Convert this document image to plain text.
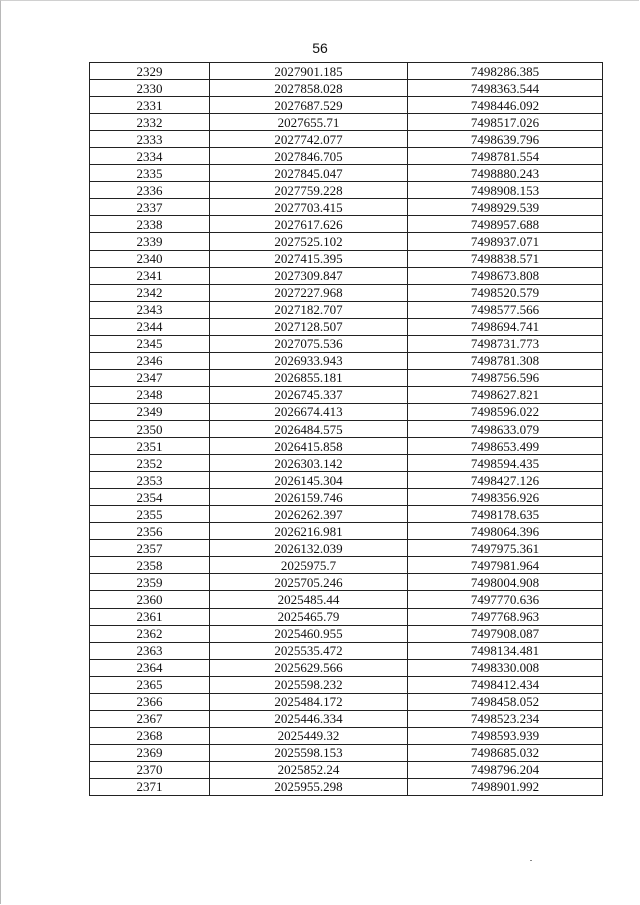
56
2329	2027901.185	7498286.385
2330	2027858.028	7498363.544
2331	2027687.529	7498446.092
2332	2027655.71	7498517.026
2333	2027742.077	7498639.796
2334	2027846.705	7498781.554
2335	2027845.047	7498880.243
2336	2027759.228	7498908.153
2337	2027703.415	7498929.539
2338	2027617.626	7498957.688
2339	2027525.102	7498937.071
2340	2027415.395	7498838.571
2341	2027309.847	7498673.808
2342	2027227.968	7498520.579
2343	2027182.707	7498577.566
2344	2027128.507	7498694.741
2345	2027075.536	7498731.773
2346	2026933.943	7498781.308
2347	2026855.181	7498756.596
2348	2026745.337	7498627.821
2349	2026674.413	7498596.022
2350	2026484.575	7498633.079
2351	2026415.858	7498653.499
2352	2026303.142	7498594.435
2353	2026145.304	7498427.126
2354	2026159.746	7498356.926
2355	2026262.397	7498178.635
2356	2026216.981	7498064.396
2357	2026132.039	7497975.361
2358	2025975.7	7497981.964
2359	2025705.246	7498004.908
2360	2025485.44	7497770.636
2361	2025465.79	7497768.963
2362	2025460.955	7497908.087
2363	2025535.472	7498134.481
2364	2025629.566	7498330.008
2365	2025598.232	7498412.434
2366	2025484.172	7498458.052
2367	2025446.334	7498523.234
2368	2025449.32	7498593.939
2369	2025598.153	7498685.032
2370	2025852.24	7498796.204
2371	2025955.298	7498901.992
